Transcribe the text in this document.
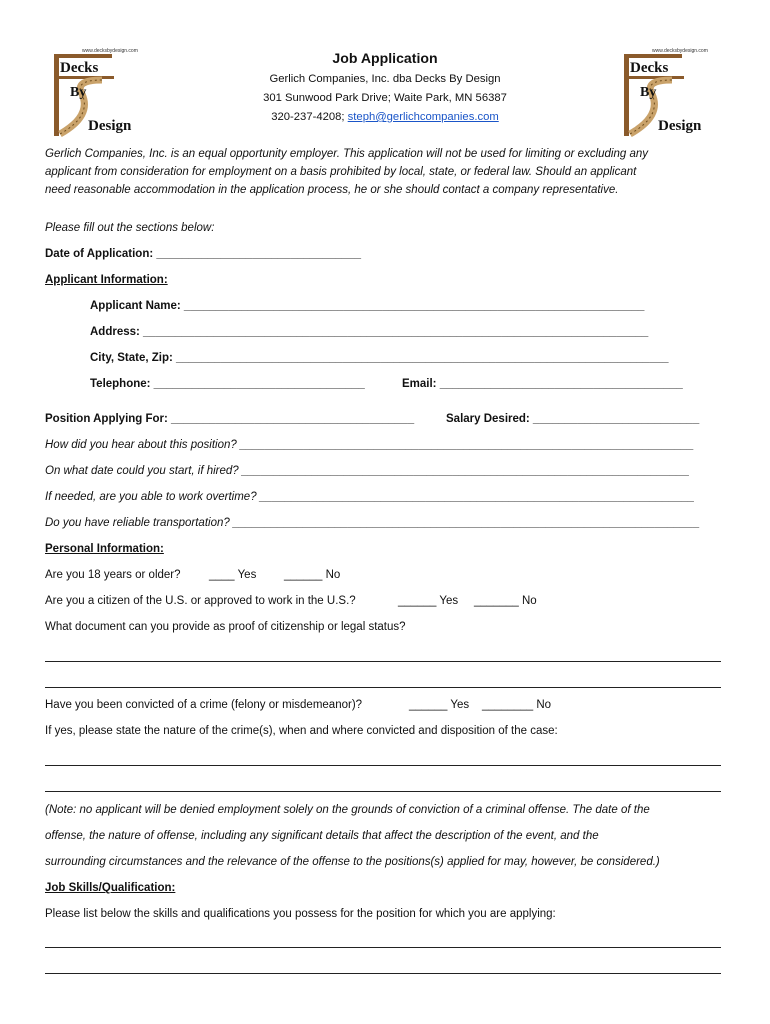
www.decksbydesign.com
Decks
By
Design
www.decksbydesign.com
Decks
By
Design
Job Application
Gerlich Companies, Inc. dba Decks By Design
301 Sunwood Park Drive; Waite Park, MN 56387
320-237-4208; steph@gerlichcompanies.com
Gerlich Companies, Inc. is an equal opportunity employer. This application will not be used for limiting or excluding any
applicant from consideration for employment on a basis prohibited by local, state, or federal law. Should an applicant
need reasonable accommodation in the application process, he or she should contact a company representative.
Please fill out the sections below:
Date of Application: ________________________________
Applicant Information:
Applicant Name: ________________________________________________________________________
Address: _______________________________________________________________________________
City, State, Zip: _____________________________________________________________________________
Telephone: _________________________________	Email: ______________________________________
Position Applying For: ______________________________________	Salary Desired: __________________________
How did you hear about this position? _______________________________________________________________________
On what date could you start, if hired? ______________________________________________________________________
If needed, are you able to work overtime? ____________________________________________________________________
Do you have reliable transportation? _________________________________________________________________________
Personal Information:
Are you 18 years or older? ____ Yes ______ No
Are you a citizen of the U.S. or approved to work in the U.S.?	______ Yes _______ No
What document can you provide as proof of citizenship or legal status?
Have you been convicted of a crime (felony or misdemeanor)?	______ Yes ________ No
If yes, please state the nature of the crime(s), when and where convicted and disposition of the case:
(Note: no applicant will be denied employment solely on the grounds of conviction of a criminal offense. The date of the
offense, the nature of offense, including any significant details that affect the description of the event, and the
surrounding circumstances and the relevance of the offense to the positions(s) applied for may, however, be considered.)
Job Skills/Qualification:
Please list below the skills and qualifications you possess for the position for which you are applying:
